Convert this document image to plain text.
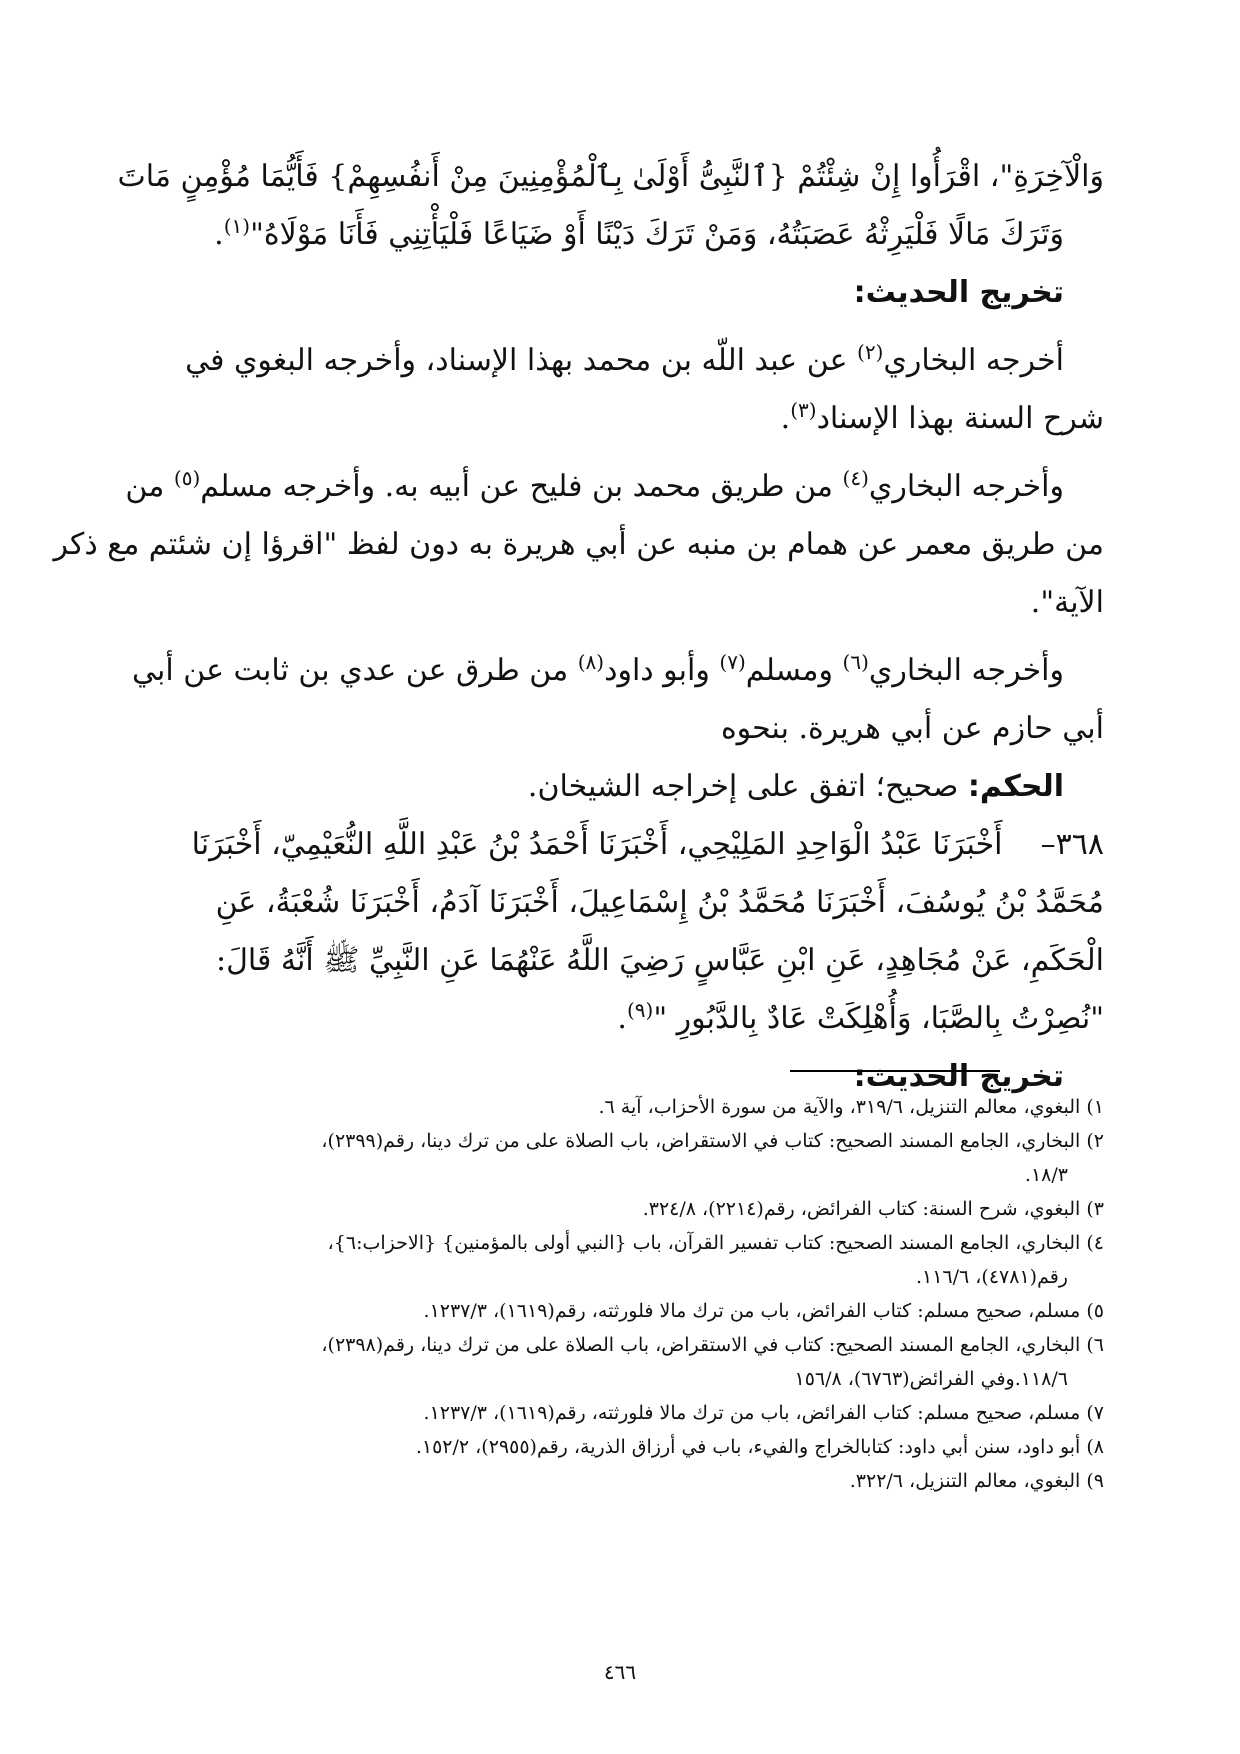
وَالْآخِرَةِ"، اقْرَأُوا إِنْ شِئْتُمْ {ٱلنَّبِىُّ أَوْلَىٰ بِٱلْمُؤْمِنِينَ مِنْ أَنفُسِهِمْ} فَأَيُّمَا مُؤْمِنٍ مَاتَ
وَتَرَكَ مَالًا فَلْيَرِثْهُ عَصَبَتُهُ، وَمَنْ تَرَكَ دَيْنًا أَوْ ضَيَاعًا فَلْيَأْتِنِي فَأَنَا مَوْلَاهُ"$^{(١)}$.

تخريج الحديث:

أخرجه البخاري$^{(٢)}$ عن عبد اللّه بن محمد بهذا الإسناد، وأخرجه البغوي في
شرح السنة بهذا الإسناد$^{(٣)}$.

وأخرجه البخاري$^{(٤)}$ من طريق محمد بن فليح عن أبيه به. وأخرجه مسلم$^{(٥)}$ من
من طريق معمر عن همام بن منبه عن أبي هريرة به دون لفظ "اقرؤا إن شئتم مع ذكر
الآية".

وأخرجه البخاري$^{(٦)}$ ومسلم$^{(٧)}$ وأبو داود$^{(٨)}$ من طرق عن عدي بن ثابت عن أبي
أبي حازم عن أبي هريرة. بنحوه

الحكم: صحيح؛ اتفق على إخراجه الشيخان.

٣٦٨–    أَخْبَرَنَا عَبْدُ الْوَاحِدِ المَلِيْحِي، أَخْبَرَنَا أَحْمَدُ بْنُ عَبْدِ اللَّهِ النُّعَيْمِيّ، أَخْبَرَنَا
مُحَمَّدُ بْنُ يُوسُفَ، أَخْبَرَنَا مُحَمَّدُ بْنُ إِسْمَاعِيلَ، أَخْبَرَنَا آدَمُ، أَخْبَرَنَا شُعْبَةُ، عَنِ
الْحَكَمِ، عَنْ مُجَاهِدٍ، عَنِ ابْنِ عَبَّاسٍ رَضِيَ اللَّهُ عَنْهُمَا عَنِ النَّبِيِّ ﷺ أَنَّهُ قَالَ:
"نُصِرْتُ بِالصَّبَا، وَأُهْلِكَتْ عَادٌ بِالدَّبُورِ "$^{(٩)}$.

تخريج الحديث:

١) البغوي، معالم التنزيل، ٣١٩/٦، والآية من سورة الأحزاب، آية ٦.

٢) البخاري، الجامع المسند الصحيح: كتاب في الاستقراض، باب الصلاة على من ترك دينا، رقم(٢٣٩٩)،
١٨/٣.

٣) البغوي، شرح السنة: كتاب الفرائض، رقم(٢٢١٤)، ٣٢٤/٨.

٤) البخاري، الجامع المسند الصحيح: كتاب تفسير القرآن، باب {النبي أولى بالمؤمنين} {الاحزاب:٦}،
رقم(٤٧٨١)، ١١٦/٦.

٥) مسلم، صحيح مسلم: كتاب الفرائض، باب من ترك مالا فلورثته، رقم(١٦١٩)، ١٢٣٧/٣.

٦) البخاري، الجامع المسند الصحيح: كتاب في الاستقراض، باب الصلاة على من ترك دينا، رقم(٢٣٩٨)،
١١٨/٦.وفي الفرائض(٦٧٦٣)، ١٥٦/٨

٧) مسلم، صحيح مسلم: كتاب الفرائض، باب من ترك مالا فلورثته، رقم(١٦١٩)، ١٢٣٧/٣.

٨) أبو داود، سنن أبي داود: كتابالخراج والفيء، باب في أرزاق الذرية، رقم(٢٩٥٥)، ١٥٢/٢.

٩) البغوي، معالم التنزيل، ٣٢٢/٦.

٤٦٦
